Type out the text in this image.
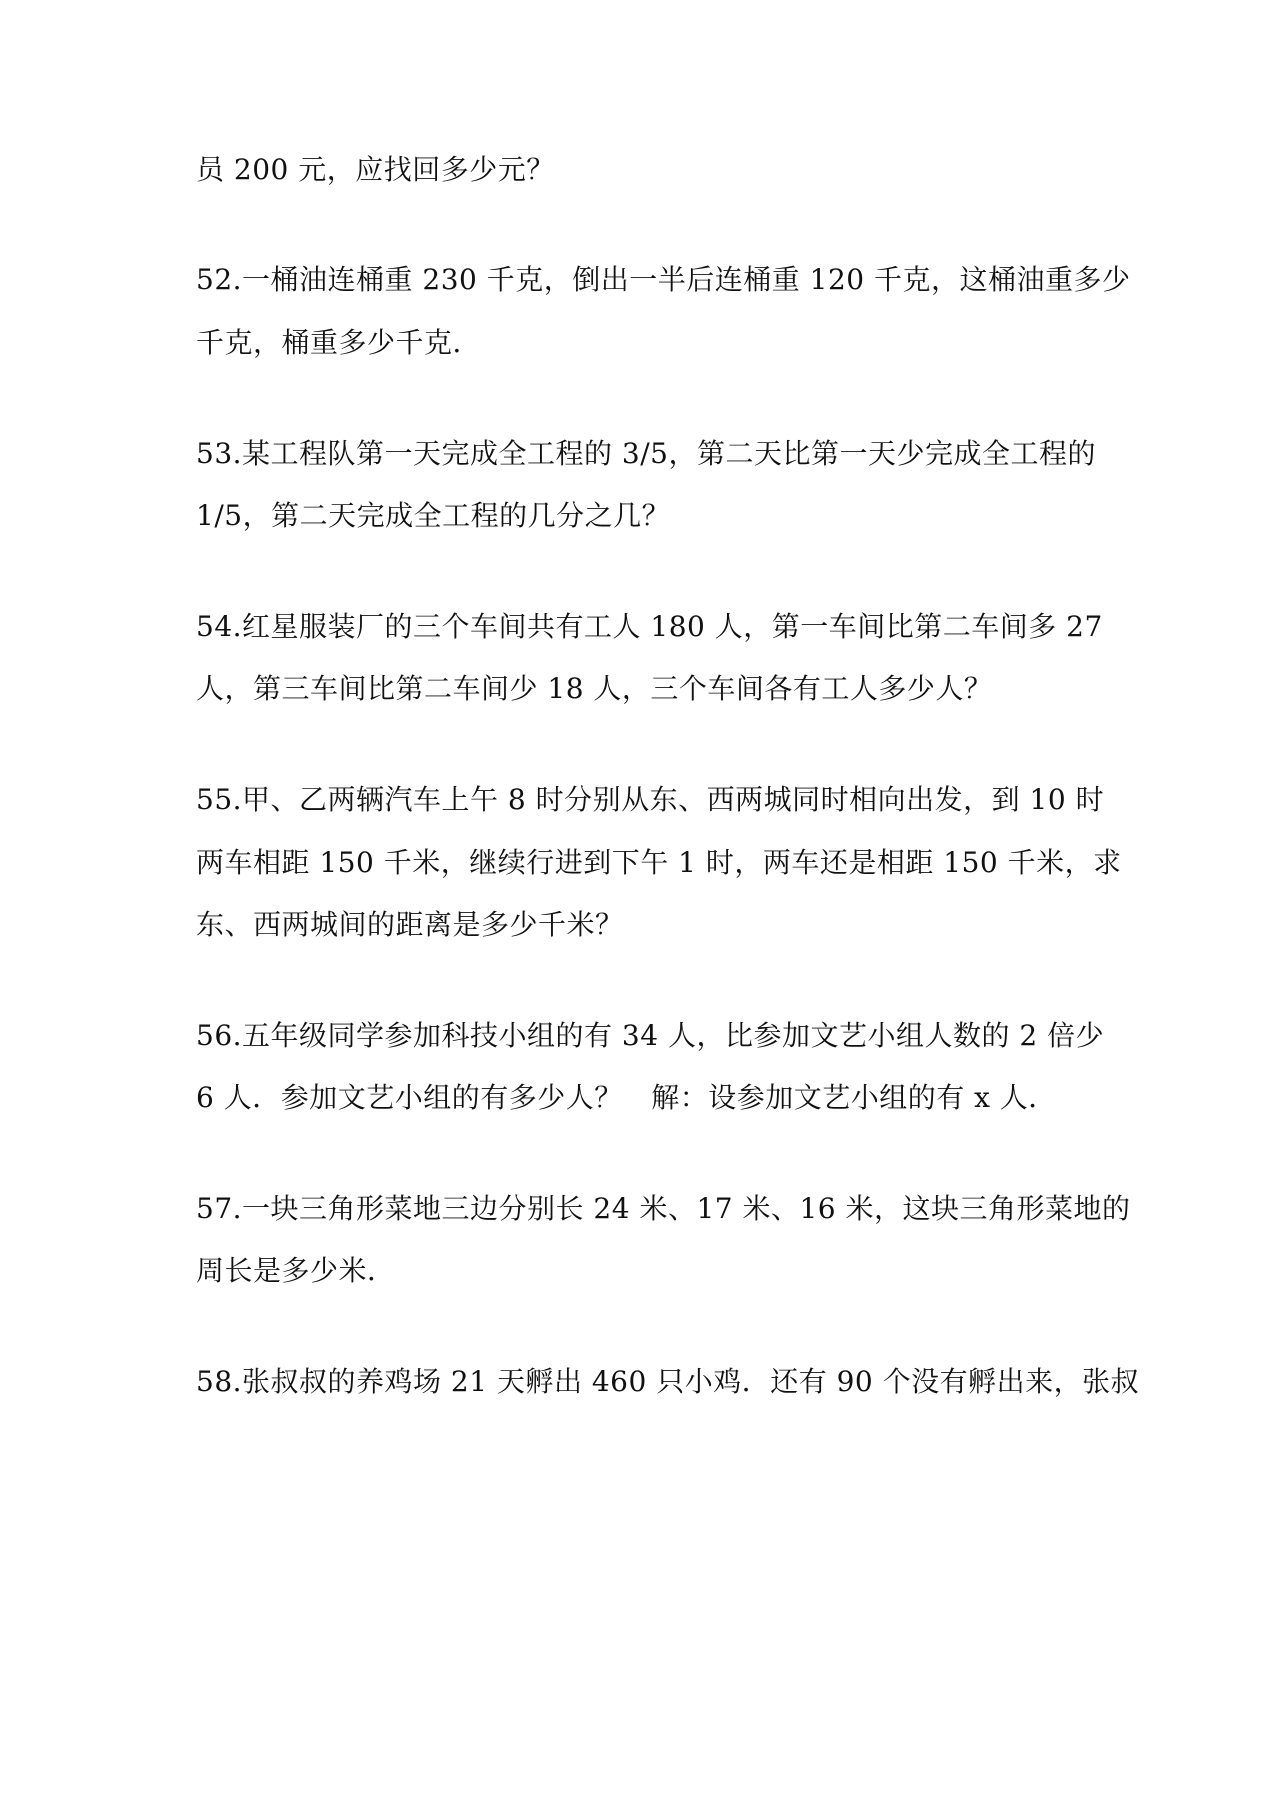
员 200 元，应找回多少元？
52.一桶油连桶重 230 千克，倒出一半后连桶重 120 千克，这桶油重多少
千克，桶重多少千克．
53.某工程队第一天完成全工程的 3/5，第二天比第一天少完成全工程的
1/5，第二天完成全工程的几分之几？
54.红星服装厂的三个车间共有工人 180 人，第一车间比第二车间多 27
人，第三车间比第二车间少 18 人，三个车间各有工人多少人？
55.甲、乙两辆汽车上午 8 时分别从东、西两城同时相向出发，到 10 时
两车相距 150 千米，继续行进到下午 1 时，两车还是相距 150 千米，求
东、西两城间的距离是多少千米？
56.五年级同学参加科技小组的有 34 人，比参加文艺小组人数的 2 倍少
6 人．参加文艺小组的有多少人？　解：设参加文艺小组的有 x 人．
57.一块三角形菜地三边分别长 24 米、17 米、16 米，这块三角形菜地的
周长是多少米．
58.张叔叔的养鸡场 21 天孵出 460 只小鸡．还有 90 个没有孵出来，张叔
